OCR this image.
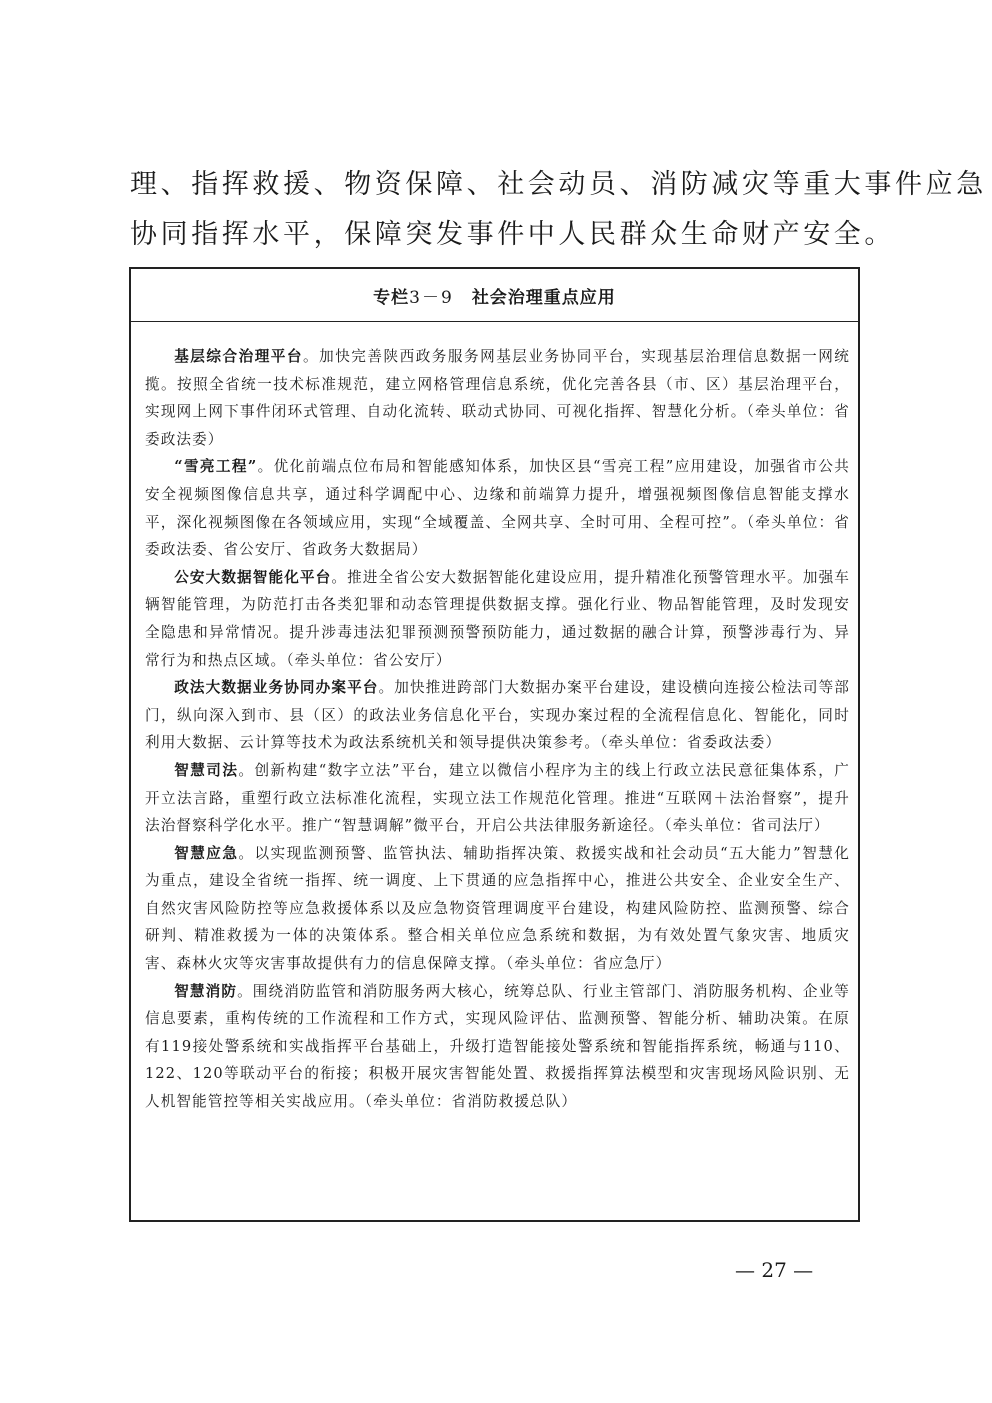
理、指挥救援、物资保障、社会动员、消防减灾等重大事件应急
协同指挥水平，保障突发事件中人民群众生命财产安全。
专栏 3－9 社会治理重点应用

基层综合治理平台。加快完善陕西政务服务网基层业务协同平台，实现基层治理信息数据一网统揽。按照全省统一技术标准规范，建立网格管理信息系统，优化完善各县（市、区）基层治理平台，实现网上网下事件闭环式管理、自动化流转、联动式协同、可视化指挥、智慧化分析。（牵头单位：省委政法委）

“雪亮工程”。优化前端点位布局和智能感知体系，加快区县“雪亮工程”应用建设，加强省市公共安全视频图像信息共享，通过科学调配中心、边缘和前端算力提升，增强视频图像信息智能支撑水平，深化视频图像在各领域应用，实现“全域覆盖、全网共享、全时可用、全程可控”。（牵头单位：省委政法委、省公安厅、省政务大数据局）

公安大数据智能化平台。推进全省公安大数据智能化建设应用，提升精准化预警管理水平。加强车辆智能管理，为防范打击各类犯罪和动态管理提供数据支撑。强化行业、物品智能管理，及时发现安全隐患和异常情况。提升涉毒违法犯罪预测预警预防能力，通过数据的融合计算，预警涉毒行为、异常行为和热点区域。（牵头单位：省公安厅）

政法大数据业务协同办案平台。加快推进跨部门大数据办案平台建设，建设横向连接公检法司等部门，纵向深入到市、县（区）的政法业务信息化平台，实现办案过程的全流程信息化、智能化，同时利用大数据、云计算等技术为政法系统机关和领导提供决策参考。（牵头单位：省委政法委）

智慧司法。创新构建“数字立法”平台，建立以微信小程序为主的线上行政立法民意征集体系，广开立法言路，重塑行政立法标准化流程，实现立法工作规范化管理。推进“互联网＋法治督察”，提升法治督察科学化水平。推广“智慧调解”微平台，开启公共法律服务新途径。（牵头单位：省司法厅）

智慧应急。以实现监测预警、监管执法、辅助指挥决策、救援实战和社会动员“五大能力”智慧化为重点，建设全省统一指挥、统一调度、上下贯通的应急指挥中心，推进公共安全、企业安全生产、自然灾害风险防控等应急救援体系以及应急物资管理调度平台建设，构建风险防控、监测预警、综合研判、精准救援为一体的决策体系。整合相关单位应急系统和数据，为有效处置气象灾害、地质灾害、森林火灾等灾害事故提供有力的信息保障支撑。（牵头单位：省应急厅）

智慧消防。围绕消防监管和消防服务两大核心，统筹总队、行业主管部门、消防服务机构、企业等信息要素，重构传统的工作流程和工作方式，实现风险评估、监测预警、智能分析、辅助决策。在原有119接处警系统和实战指挥平台基础上，升级打造智能接处警系统和智能指挥系统，畅通与110、122、120等联动平台的衔接；积极开展灾害智能处置、救援指挥算法模型和灾害现场风险识别、无人机智能管控等相关实战应用。（牵头单位：省消防救援总队）

— 27 —
